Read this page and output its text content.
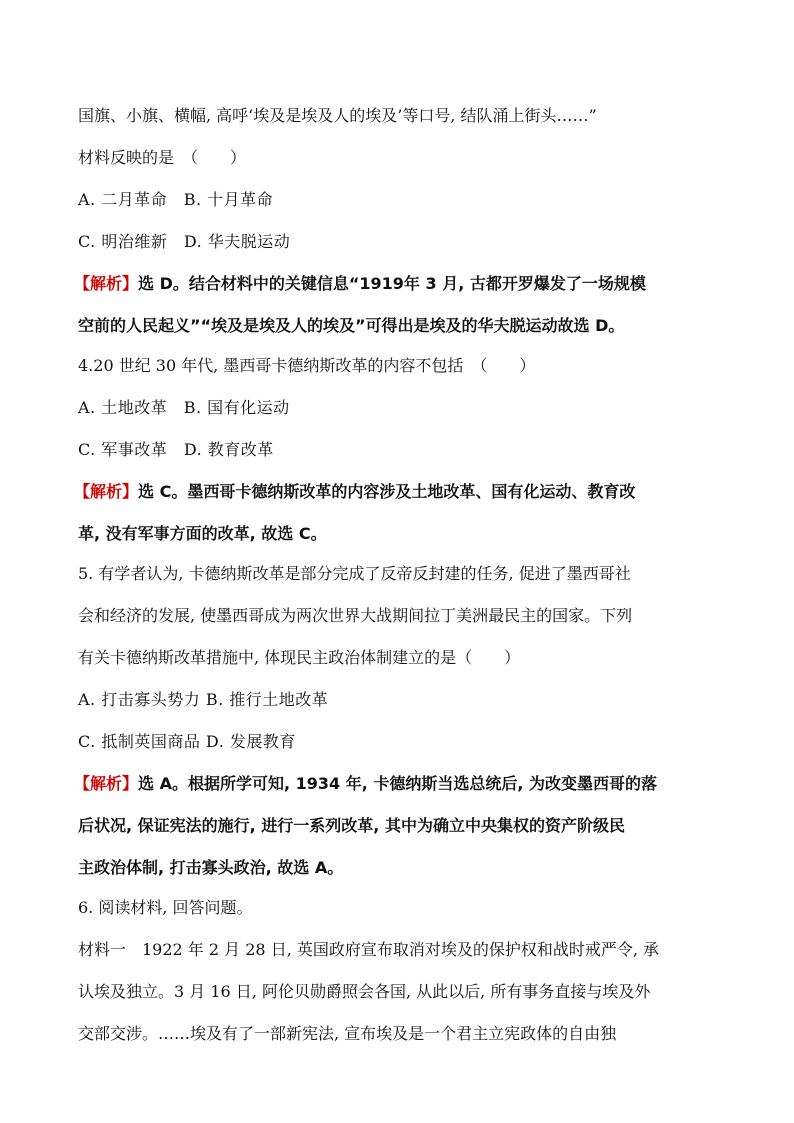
国旗、小旗、横幅, 高呼‘埃及是埃及人的埃及’等口号, 结队涌上街头……”
材料反映的是　（　　）
A. 二月革命　B. 十月革命
C. 明治维新　D. 华夫脱运动
【解析】选 D。结合材料中的关键信息“1919年 3 月, 古都开罗爆发了一场规模
空前的人民起义”“埃及是埃及人的埃及”可得出是埃及的华夫脱运动故选 D。
4.20 世纪 30 年代, 墨西哥卡德纳斯改革的内容不包括　（　　）
A. 土地改革　B. 国有化运动
C. 军事改革　D. 教育改革
【解析】选 C。墨西哥卡德纳斯改革的内容涉及土地改革、国有化运动、教育改
革, 没有军事方面的改革, 故选 C。
5. 有学者认为, 卡德纳斯改革是部分完成了反帝反封建的任务, 促进了墨西哥社
会和经济的发展, 使墨西哥成为两次世界大战期间拉丁美洲最民主的国家。下列
有关卡德纳斯改革措施中, 体现民主政治体制建立的是（　　）
A. 打击寡头势力 B. 推行土地改革
C. 抵制英国商品 D. 发展教育
【解析】选 A。根据所学可知, 1934 年, 卡德纳斯当选总统后, 为改变墨西哥的落
后状况, 保证宪法的施行, 进行一系列改革, 其中为确立中央集权的资产阶级民
主政治体制, 打击寡头政治, 故选 A。
6. 阅读材料, 回答问题。
材料一　1922 年 2 月 28 日, 英国政府宣布取消对埃及的保护权和战时戒严令, 承
认埃及独立。3 月 16 日, 阿伦贝勋爵照会各国, 从此以后, 所有事务直接与埃及外
交部交涉。……埃及有了一部新宪法, 宣布埃及是一个君主立宪政体的自由独
